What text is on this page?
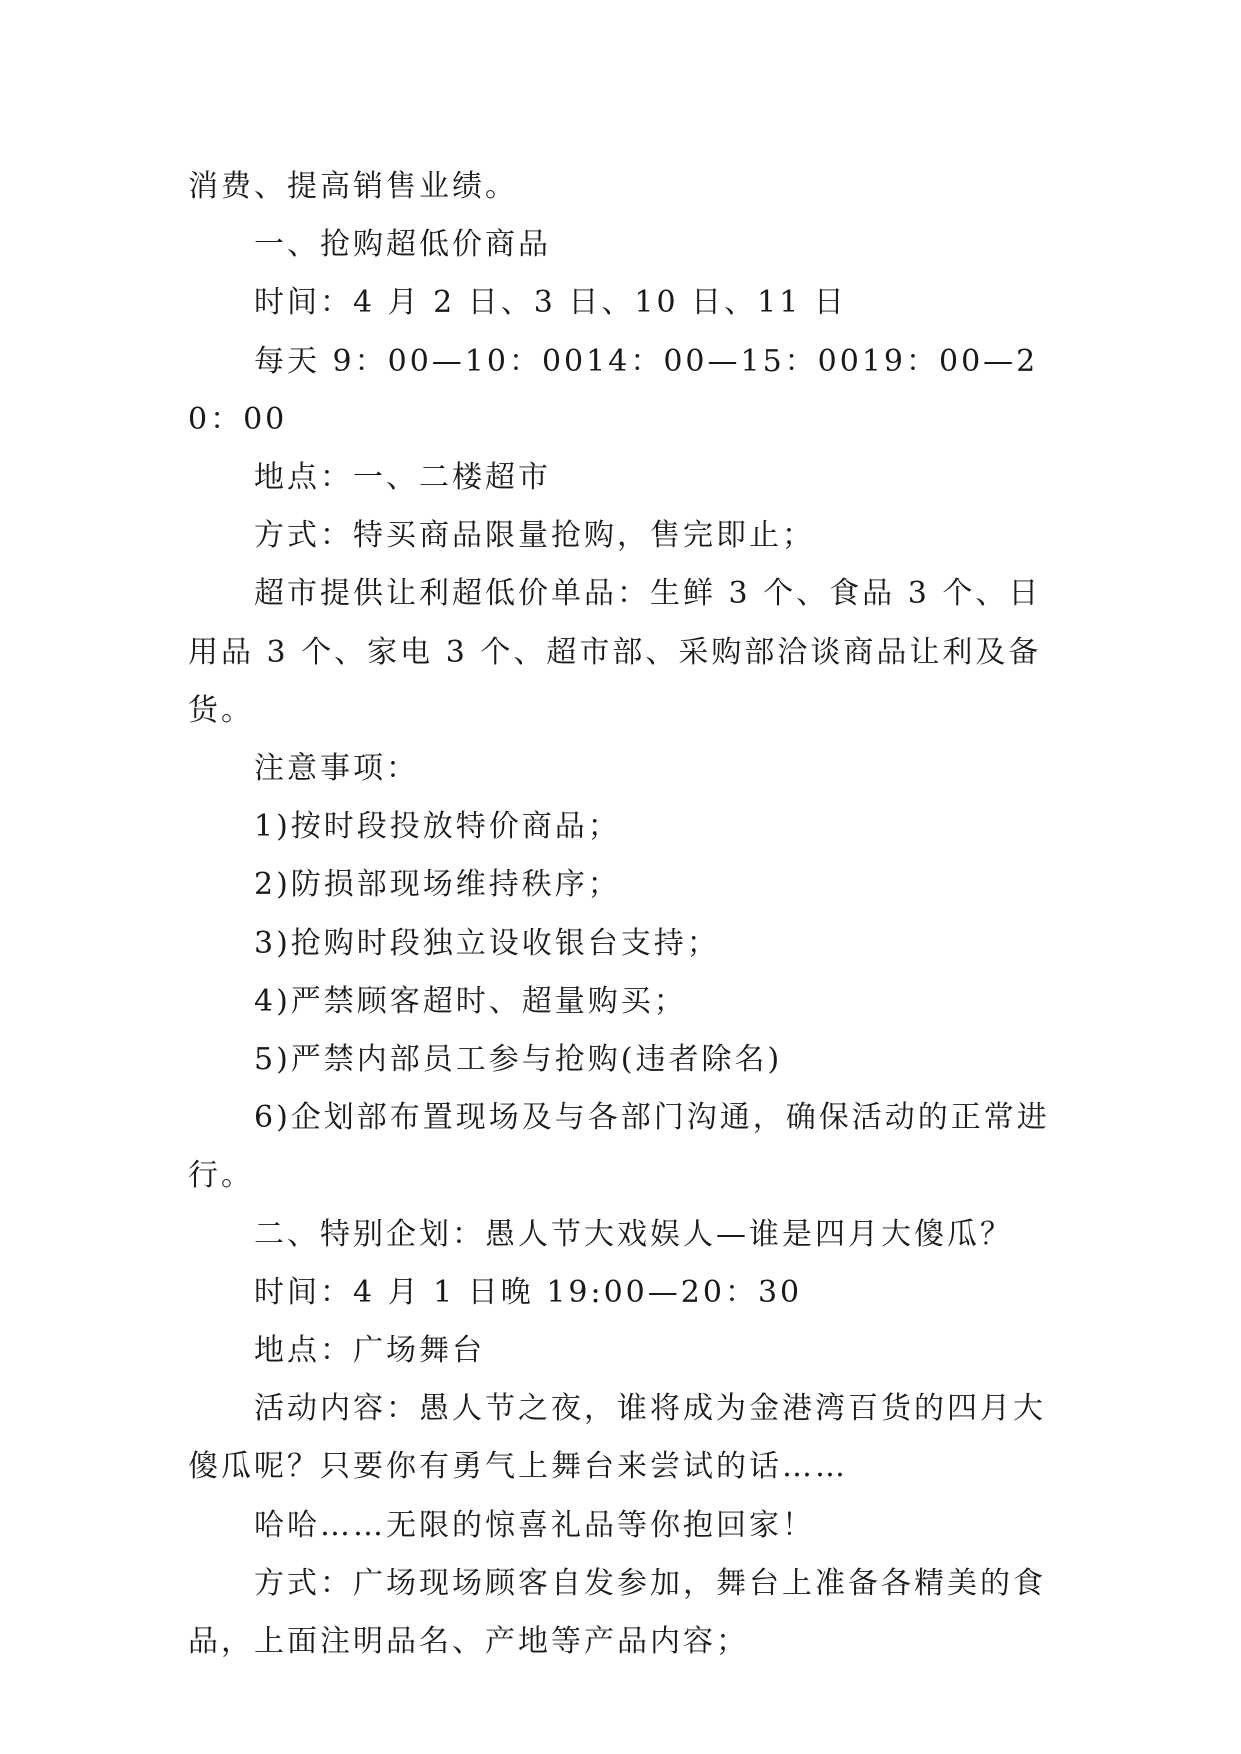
消费、提高销售业绩。

一、抢购超低价商品

时间：4 月 2 日、3 日、10 日、11 日

每天 9：00—10：0014：00—15：0019：00—20：00

地点：一、二楼超市

方式：特买商品限量抢购，售完即止；

超市提供让利超低价单品：生鲜 3 个、食品 3 个、日用品 3 个、家电 3 个、超市部、采购部洽谈商品让利及备货。

注意事项：

1)按时段投放特价商品；

2)防损部现场维持秩序；

3)抢购时段独立设收银台支持；

4)严禁顾客超时、超量购买；

5)严禁内部员工参与抢购(违者除名)

6)企划部布置现场及与各部门沟通，确保活动的正常进行。

二、特别企划：愚人节大戏娱人—谁是四月大傻瓜？

时间：4 月 1 日晚 19:00—20：30

地点：广场舞台

活动内容：愚人节之夜，谁将成为金港湾百货的四月大傻瓜呢？只要你有勇气上舞台来尝试的话……

哈哈……无限的惊喜礼品等你抱回家！

方式：广场现场顾客自发参加，舞台上准备各精美的食品，上面注明品名、产地等产品内容；
